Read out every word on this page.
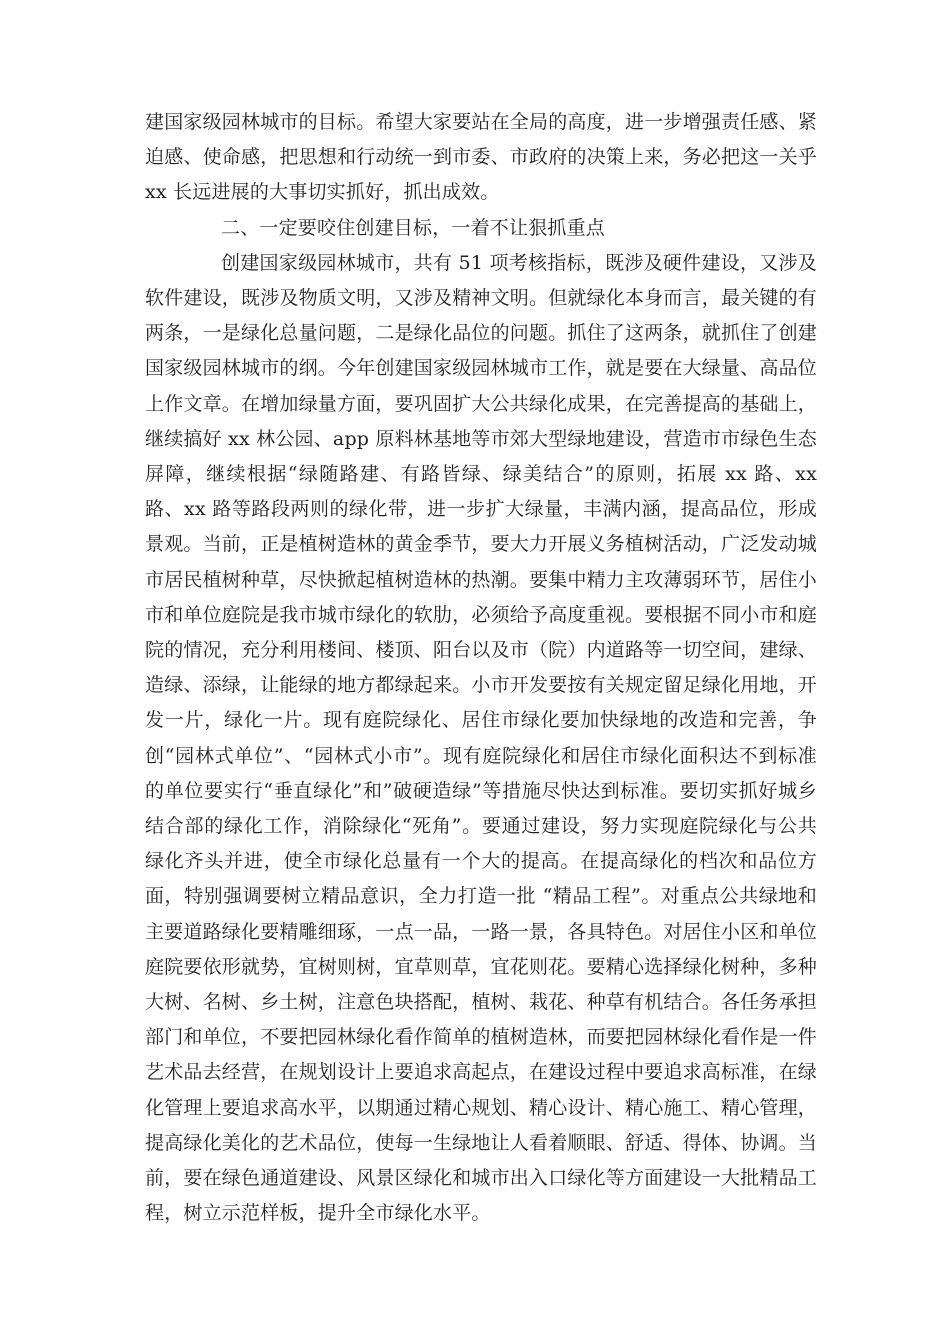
建国家级园林城市的目标。希望大家要站在全局的高度，进一步增强责任感、紧迫感、使命感，把思想和行动统一到市委、市政府的决策上来，务必把这一关乎 xx 长远进展的大事切实抓好，抓出成效。

二、一定要咬住创建目标，一着不让狠抓重点

创建国家级园林城市，共有 51 项考核指标，既涉及硬件建设，又涉及软件建设，既涉及物质文明，又涉及精神文明。但就绿化本身而言，最关键的有两条，一是绿化总量问题，二是绿化品位的问题。抓住了这两条，就抓住了创建国家级园林城市的纲。今年创建国家级园林城市工作，就是要在大绿量、高品位上作文章。在增加绿量方面，要巩固扩大公共绿化成果，在完善提高的基础上，继续搞好 xx 林公园、app 原料林基地等市郊大型绿地建设，营造市市绿色生态屏障，继续根据“绿随路建、有路皆绿、绿美结合”的原则，拓展 xx 路、xx 路、xx 路等路段两则的绿化带，进一步扩大绿量，丰满内涵，提高品位，形成景观。当前，正是植树造林的黄金季节，要大力开展义务植树活动，广泛发动城市居民植树种草，尽快掀起植树造林的热潮。要集中精力主攻薄弱环节，居住小市和单位庭院是我市城市绿化的软肋，必须给予高度重视。要根据不同小市和庭院的情况，充分利用楼间、楼顶、阳台以及市（院）内道路等一切空间，建绿、造绿、添绿，让能绿的地方都绿起来。小市开发要按有关规定留足绿化用地，开发一片，绿化一片。现有庭院绿化、居住市绿化要加快绿地的改造和完善，争创“园林式单位”、“园林式小市”。现有庭院绿化和居住市绿化面积达不到标准的单位要实行“垂直绿化”和”破硬造绿”等措施尽快达到标准。要切实抓好城乡结合部的绿化工作，消除绿化“死角”。要通过建设，努力实现庭院绿化与公共绿化齐头并进，使全市绿化总量有一个大的提高。在提高绿化的档次和品位方面，特别强调要树立精品意识，全力打造一批 “精品工程”。对重点公共绿地和主要道路绿化要精雕细琢，一点一品，一路一景，各具特色。对居住小区和单位庭院要依形就势，宜树则树，宜草则草，宜花则花。要精心选择绿化树种，多种大树、名树、乡土树，注意色块搭配，植树、栽花、种草有机结合。各任务承担部门和单位，不要把园林绿化看作简单的植树造林，而要把园林绿化看作是一件艺术品去经营，在规划设计上要追求高起点，在建设过程中要追求高标准，在绿化管理上要追求高水平，以期通过精心规划、精心设计、精心施工、精心管理，提高绿化美化的艺术品位，使每一生绿地让人看着顺眼、舒适、得体、协调。当前，要在绿色通道建设、风景区绿化和城市出入口绿化等方面建设一大批精品工程，树立示范样板，提升全市绿化水平。
